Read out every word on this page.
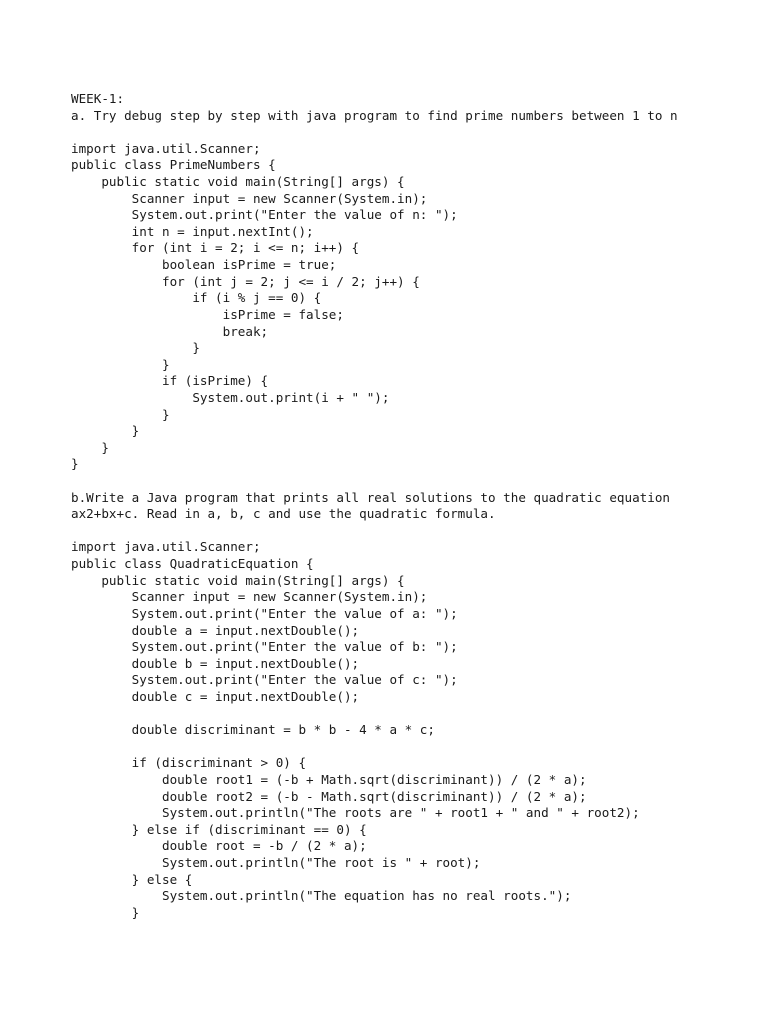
WEEK-1:
a. Try debug step by step with java program to find prime numbers between 1 to n
import java.util.Scanner;
public class PrimeNumbers {
public static void main(String[] args) {
Scanner input = new Scanner(System.in);
System.out.print("Enter the value of n: ");
int n = input.nextInt();
for (int i = 2; i <= n; i++) {
boolean isPrime = true;
for (int j = 2; j <= i / 2; j++) {
if (i % j == 0) {
isPrime = false;
break;
}
}
if (isPrime) {
System.out.print(i + " ");
}
}
}
}
b.Write a Java program that prints all real solutions to the quadratic equation
ax2+bx+c. Read in a, b, c and use the quadratic formula.
import java.util.Scanner;
public class QuadraticEquation {
public static void main(String[] args) {
Scanner input = new Scanner(System.in);
System.out.print("Enter the value of a: ");
double a = input.nextDouble();
System.out.print("Enter the value of b: ");
double b = input.nextDouble();
System.out.print("Enter the value of c: ");
double c = input.nextDouble();
double discriminant = b * b - 4 * a * c;
if (discriminant > 0) {
double root1 = (-b + Math.sqrt(discriminant)) / (2 * a);
double root2 = (-b - Math.sqrt(discriminant)) / (2 * a);
System.out.println("The roots are " + root1 + " and " + root2);
} else if (discriminant == 0) {
double root = -b / (2 * a);
System.out.println("The root is " + root);
} else {
System.out.println("The equation has no real roots.");
}
